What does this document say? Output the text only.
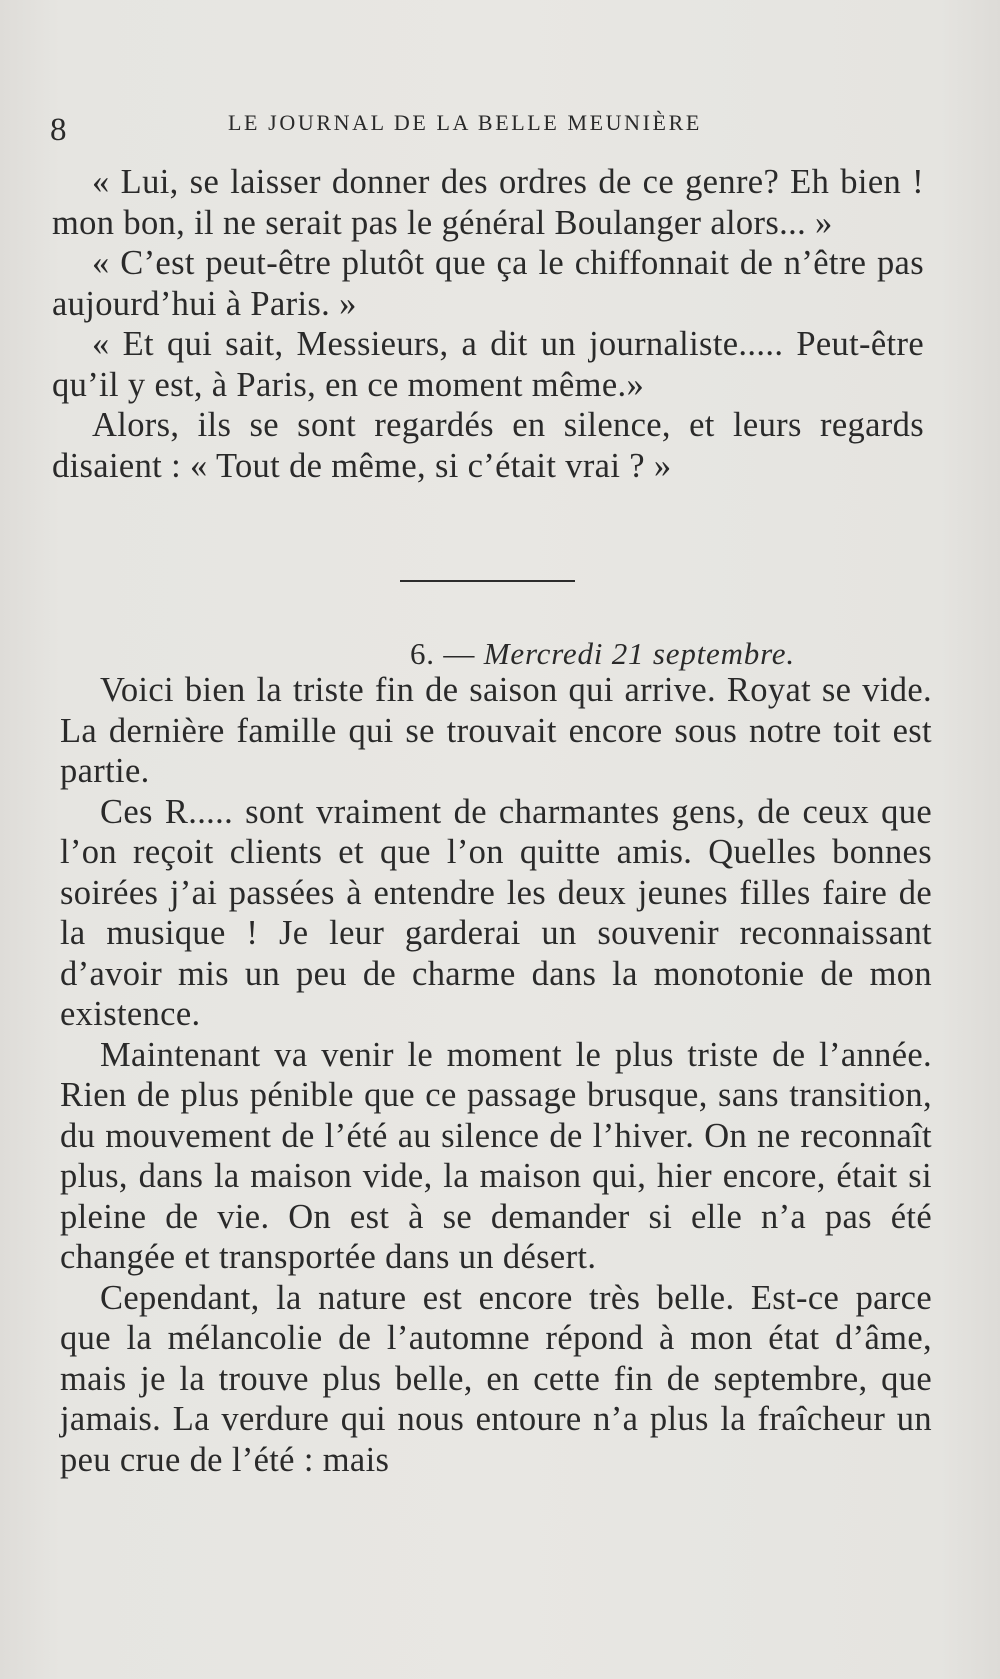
8	LE JOURNAL DE LA BELLE MEUNIÈRE

« Lui, se laisser donner des ordres de ce genre? Eh bien ! mon bon, il ne serait pas le général Boulanger alors... »

« C’est peut-être plutôt que ça le chiffonnait de n’être pas aujourd’hui à Paris. »

« Et qui sait, Messieurs, a dit un journaliste..... Peut-être qu’il y est, à Paris, en ce moment même.»

Alors, ils se sont regardés en silence, et leurs regards disaient : « Tout de même, si c’était vrai ? »

6. — Mercredi 21 septembre.

Voici bien la triste fin de saison qui arrive. Royat se vide. La dernière famille qui se trouvait encore sous notre toit est partie.

Ces R..... sont vraiment de charmantes gens, de ceux que l’on reçoit clients et que l’on quitte amis. Quelles bonnes soirées j’ai passées à entendre les deux jeunes filles faire de la musique ! Je leur garderai un souvenir reconnaissant d’avoir mis un peu de charme dans la monotonie de mon existence.

Maintenant va venir le moment le plus triste de l’année. Rien de plus pénible que ce passage brusque, sans transition, du mouvement de l’été au silence de l’hiver. On ne reconnaît plus, dans la maison vide, la maison qui, hier encore, était si pleine de vie. On est à se demander si elle n’a pas été changée et transportée dans un désert.

Cependant, la nature est encore très belle. Est-ce parce que la mélancolie de l’automne répond à mon état d’âme, mais je la trouve plus belle, en cette fin de septembre, que jamais. La verdure qui nous entoure n’a plus la fraîcheur un peu crue de l’été : mais
